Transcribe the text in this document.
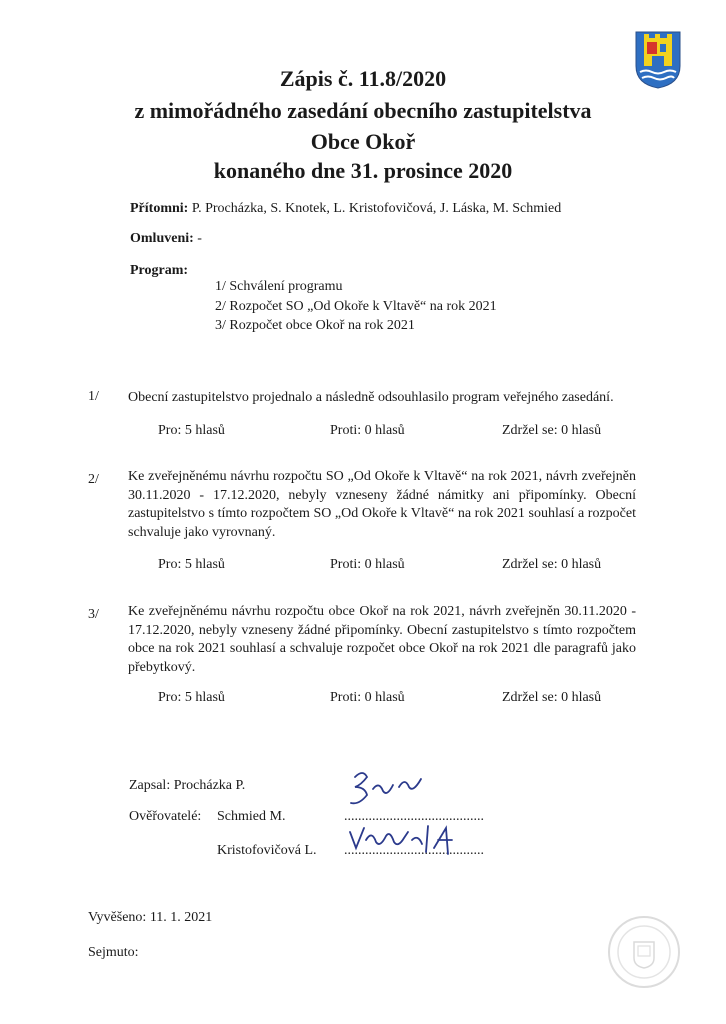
Zápis č. 11.8/2020
z mimořádného zasedání obecního zastupitelstva
Obce Okoř
konaného dne 31. prosince 2020
Přítomni: P. Procházka, S. Knotek, L. Kristofovičová, J. Láska, M. Schmied
Omluveni: -
Program:
1/ Schválení programu
2/ Rozpočet SO „Od Okoře k Vltavě“ na rok 2021
3/ Rozpočet obce Okoř na rok 2021
1/ Obecní zastupitelstvo projednalo a následně odsouhlasilo program veřejného zasedání.
Pro: 5 hlasů	Proti: 0 hlasů	Zdržel se: 0 hlasů
2/ Ke zveřejněnému návrhu rozpočtu SO „Od Okoře k Vltavě“ na rok 2021, návrh zveřejněn 30.11.2020 - 17.12.2020, nebyly vzneseny žádné námitky ani připomínky. Obecní zastupitelstvo s tímto rozpočtem SO „Od Okoře k Vltavě“ na rok 2021 souhlasí a rozpočet schvaluje jako vyrovnaný.
Pro: 5 hlasů	Proti: 0 hlasů	Zdržel se: 0 hlasů
3/ Ke zveřejněnému návrhu rozpočtu obce Okoř na rok 2021, návrh zveřejněn 30.11.2020 - 17.12.2020, nebyly vzneseny žádné připomínky. Obecní zastupitelstvo s tímto rozpočtem obce na rok 2021 souhlasí a schvaluje rozpočet obce Okoř na rok 2021 dle paragrafů jako přebytkový.
Pro: 5 hlasů	Proti: 0 hlasů	Zdržel se: 0 hlasů
Zapsal: Procházka P.
Ověřovatelé: Schmied M.	........................................
Kristofovičová L. ........................................
Vyvěšeno: 11. 1. 2021
Sejmuto:
